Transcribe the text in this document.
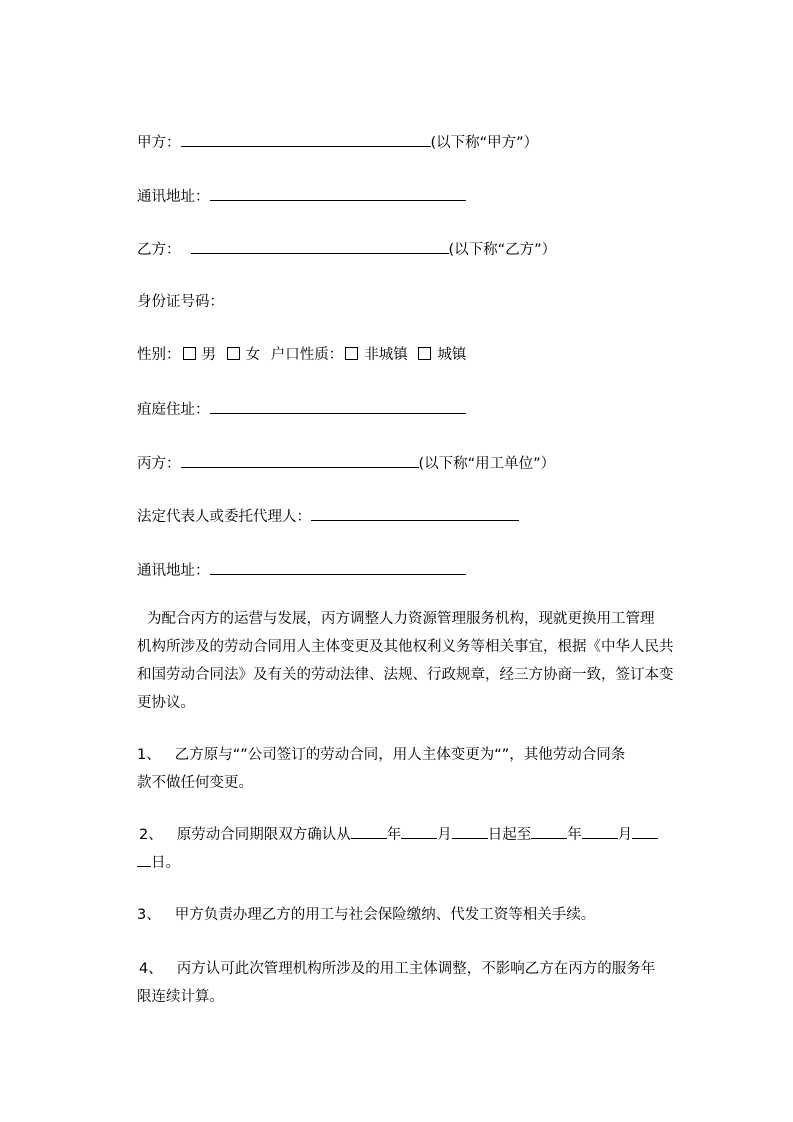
甲方：	(以下称“甲方”）
通讯地址：
乙方：	(以下称“乙方”）
身份证号码：
性别： 男 女 户口性质： 非城镇 城镇
疽庭住址：
丙方：	(以下称“用工单位”）
法定代表人或委托代理人：
通讯地址：
为配合丙方的运营与发展，丙方调整人力资源管理服务机构，现就更换用工管理
机构所涉及的劳动合同用人主体变更及其他权利义务等相关事宜，根据《中华人民共
和国劳动合同法》及有关的劳动法律、法规、行政规章，经三方协商一致，签订本变
更协议。
1、 乙方原与“”公司签订的劳动合同，用人主体变更为“”，其他劳动合同条
款不做任何变更。
2、 原劳动合同期限双方确认从 年 月 日起至 年 月
日。
3、 甲方负责办理乙方的用工与社会保险缴纳、代发工资等相关手续。
4、 丙方认可此次管理机构所涉及的用工主体调整，不影响乙方在丙方的服务年
限连续计算。
